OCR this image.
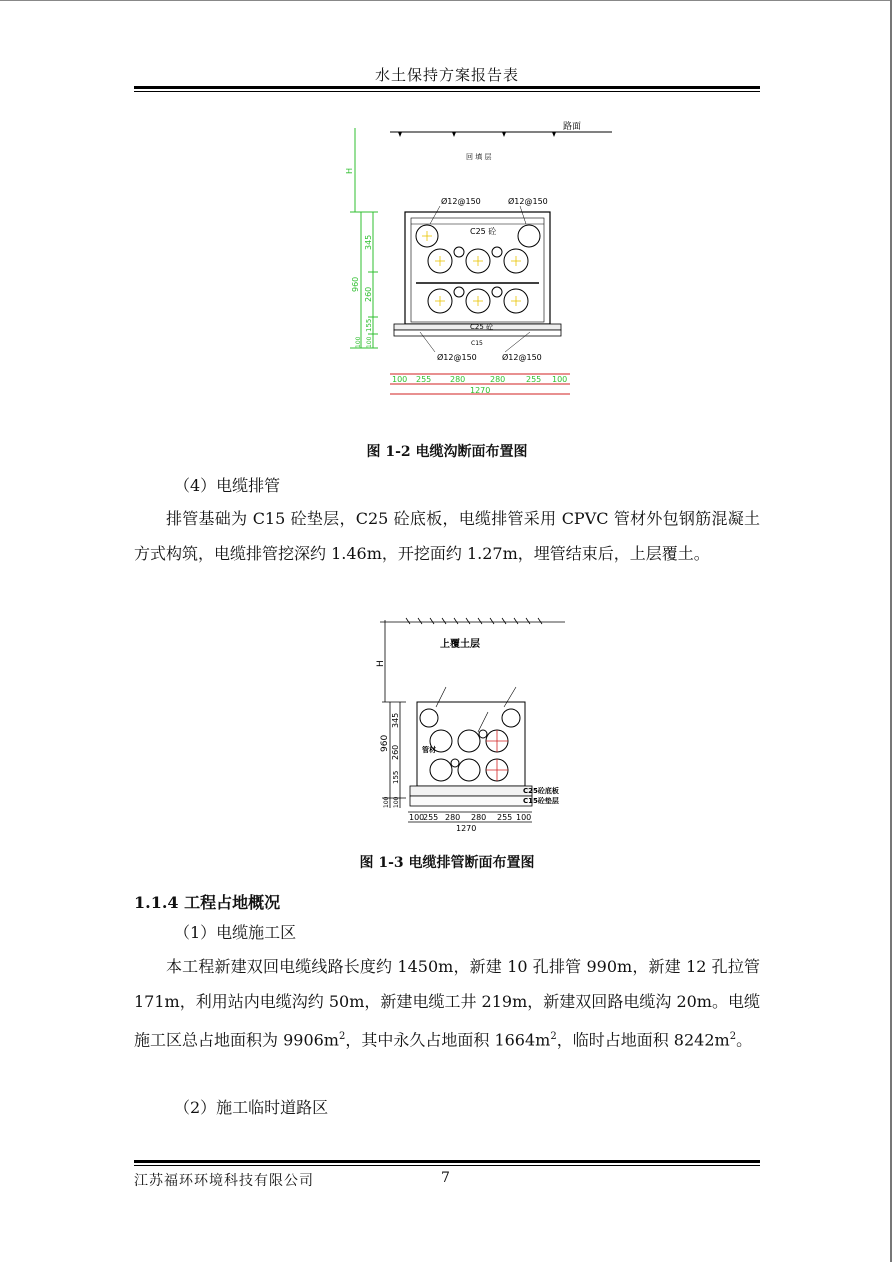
水土保持方案报告表
路面
回 填 层
H
960
345
260
155
100
100
C25 砼
C15
C25 砼
Ø12@150	Ø12@150
Ø12@150	Ø12@150
100 255 280	280	255 100
1270
图 1-2 电缆沟断面布置图
（4）电缆排管

排管基础为 C15 砼垫层，C25 砼底板，电缆排管采用 CPVC 管材外包钢筋混凝土方式构筑，电缆排管挖深约 1.46m，开挖面约 1.27m，埋管结束后，上层覆土。

上覆土层
H
960
345
260
155
100
100
C25砼底板
C15砼垫层
管材
100
255 280 280 255 100
1270
图 1-3 电缆排管断面布置图
1.1.4 工程占地概况
（1）电缆施工区

本工程新建双回电缆线路长度约 1450m，新建 10 孔排管 990m，新建 12 孔拉管 171m，利用站内电缆沟约 50m，新建电缆工井 219m，新建双回路电缆沟 20m。电缆施工区总占地面积为 $9906m^2$，其中永久占地面积 $1664m^2$，临时占地面积 $8242m^2$。

（2）施工临时道路区
江苏福环环境科技有限公司	7
